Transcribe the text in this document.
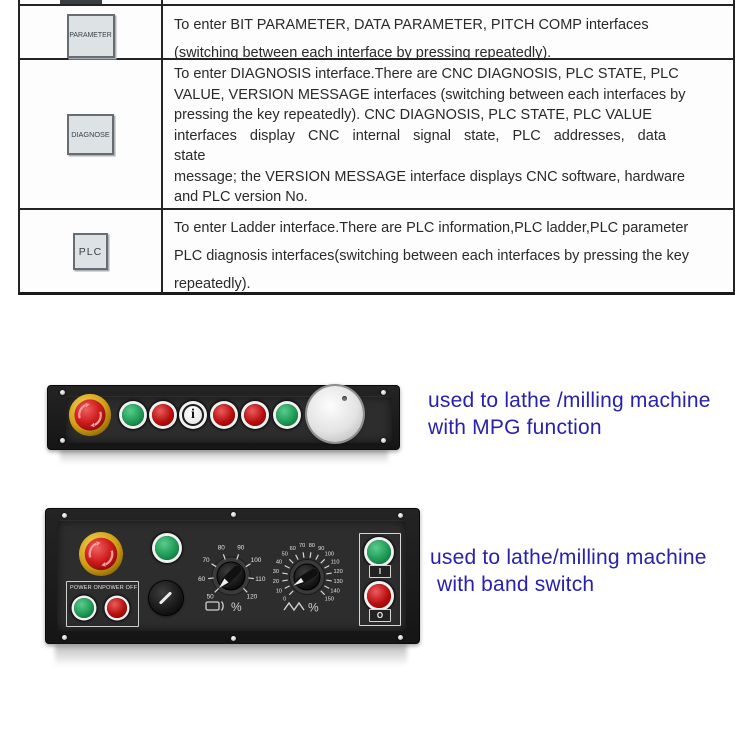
PARAMETER
To enter BIT PARAMETER, DATA PARAMETER, PITCH COMP interfaces
(switching between each interface by pressing repeatedly).
DIAGNOSE
To enter DIAGNOSIS interface.There are CNC DIAGNOSIS, PLC STATE, PLC
VALUE, VERSION MESSAGE interfaces (switching between each interfaces by
pressing the key repeatedly). CNC DIAGNOSIS, PLC STATE, PLC VALUE
interfaces display CNC internal signal state, PLC addresses, data
state
message; the VERSION MESSAGE interface displays CNC software, hardware
and PLC version No.
PLC
To enter Ladder interface.There are PLC information,PLC ladder,PLC parameter
PLC diagnosis interfaces(switching between each interfaces by pressing the key
repeatedly).
i
used to lathe /milling machine
with MPG function
POWER ON POWER OFF
50
60
70
80 90
100
110
120	0
10
20
30
40
50
60
70 80
90
100
110
120
130
140
150
%	%
I
O
used to lathe/milling machine
with band switch
